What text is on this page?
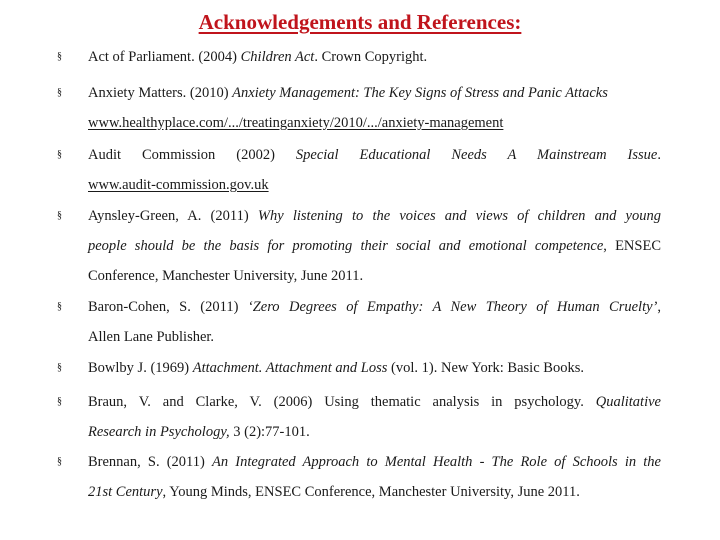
Acknowledgements and References:
§
Act of Parliament. (2004) Children Act. Crown Copyright.
§
Anxiety Matters. (2010) Anxiety Management: The Key Signs of Stress and Panic Attacks
www.healthyplace.com/.../treatinganxiety/2010/.../anxiety-management
§
Audit Commission (2002) Special Educational Needs A Mainstream Issue.
www.audit-commission.gov.uk
§
Aynsley-Green, A. (2011) Why listening to the voices and views of children and young
people should be the basis for promoting their social and emotional competence, ENSEC
Conference, Manchester University, June 2011.
§
Baron-Cohen, S. (2011) ‘Zero Degrees of Empathy: A New Theory of Human Cruelty’,
Allen Lane Publisher.
§
Bowlby J. (1969) Attachment. Attachment and Loss (vol. 1). New York: Basic Books.
§
Braun, V. and Clarke, V. (2006) Using thematic analysis in psychology. Qualitative
Research in Psychology, 3 (2):77-101.
§
Brennan, S. (2011) An Integrated Approach to Mental Health - The Role of Schools in the
21st Century, Young Minds, ENSEC Conference, Manchester University, June 2011.
